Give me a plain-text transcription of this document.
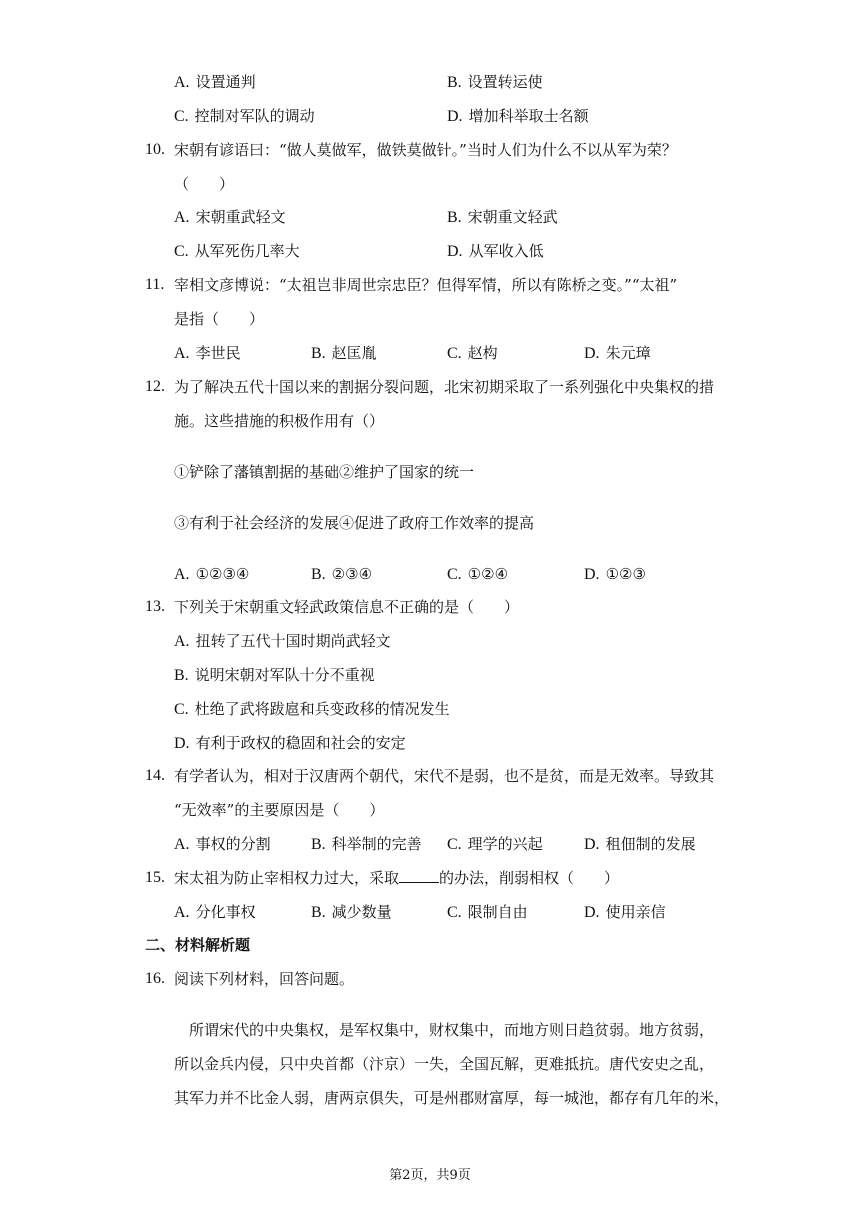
A. 设置通判	B. 设置转运使
C. 控制对军队的调动	D. 增加科举取士名额
10. 宋朝有谚语曰：“做人莫做军，做铁莫做针。”当时人们为什么不以从军为荣？
（　　）
A. 宋朝重武轻文	B. 宋朝重文轻武
C. 从军死伤几率大	D. 从军收入低
11. 宰相文彦博说：“太祖岂非周世宗忠臣？但得军情，所以有陈桥之变。”“太祖”
是指（　　）
A. 李世民	B. 赵匡胤	C. 赵构	D. 朱元璋
12. 为了解决五代十国以来的割据分裂问题，北宋初期采取了一系列强化中央集权的措
施。这些措施的积极作用有（）
①铲除了藩镇割据的基础②维护了国家的统一
③有利于社会经济的发展④促进了政府工作效率的提高
A. ①②③④	B. ②③④	C. ①②④	D. ①②③
13. 下列关于宋朝重文轻武政策信息不正确的是（　　）
A. 扭转了五代十国时期尚武轻文
B. 说明宋朝对军队十分不重视
C. 杜绝了武将跋扈和兵变政移的情况发生
D. 有利于政权的稳固和社会的安定
14. 有学者认为，相对于汉唐两个朝代，宋代不是弱，也不是贫，而是无效率。导致其
“无效率”的主要原因是（　　）
A. 事权的分割	B. 科举制的完善 C. 理学的兴起	D. 租佃制的发展
15. 宋太祖为防止宰相权力过大，采取	的办法，削弱相权（　　）
A. 分化事权	B. 减少数量	C. 限制自由	D. 使用亲信
二、材料解析题
16. 阅读下列材料，回答问题。
所谓宋代的中央集权，是军权集中，财权集中，而地方则日趋贫弱。地方贫弱，
所以金兵内侵，只中央首都（汴京）一失，全国瓦解，更难抵抗。唐代安史之乱，
其军力并不比金人弱，唐两京俱失，可是州郡财富厚，每一城池，都存有几年的米，
第2页，共9页
